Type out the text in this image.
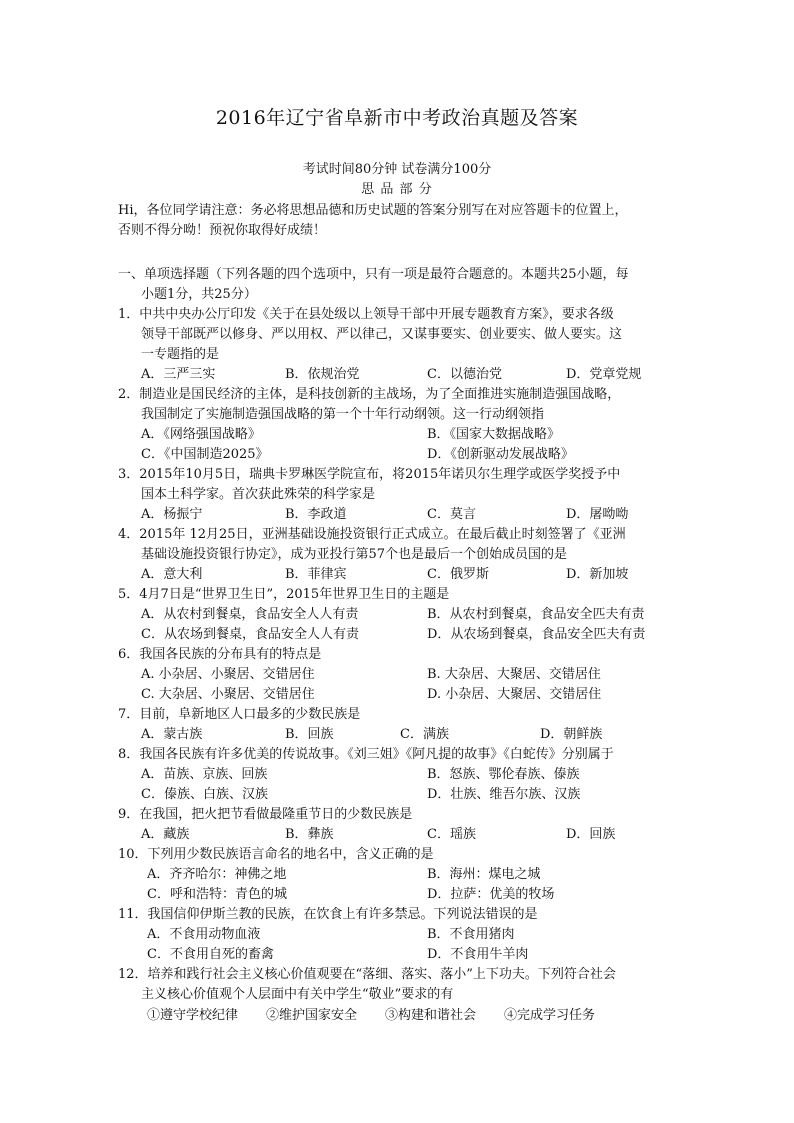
2016年辽宁省阜新市中考政治真题及答案
考试时间80分钟 试卷满分100分
思 品 部 分
Hi，各位同学请注意：务必将思想品德和历史试题的答案分别写在对应答题卡的位置上，
否则不得分呦！预祝你取得好成绩！
一、单项选择题（下列各题的四个选项中，只有一项是最符合题意的。本题共25小题，每
小题1分，共25分）
1．中共中央办公厅印发《关于在县处级以上领导干部中开展专题教育方案》，要求各级
领导干部既严以修身、严以用权、严以律己，又谋事要实、创业要实、做人要实。这
一专题指的是
A．三严三实	B．依规治党	C．以德治党	D．党章党规
2．制造业是国民经济的主体，是科技创新的主战场，为了全面推进实施制造强国战略，
我国制定了实施制造强国战略的第一个十年行动纲领。这一行动纲领指
A．《网络强国战略》	B．《国家大数据战略》
C．《中国制造2025》	D．《创新驱动发展战略》
3．2015年10月5日，瑞典卡罗琳医学院宣布，将2015年诺贝尔生理学或医学奖授予中
国本土科学家。首次获此殊荣的科学家是
A．杨振宁	B．李政道	C．莫言	D．屠呦呦
4．2015年 12月25日，亚洲基础设施投资银行正式成立。在最后截止时刻签署了《亚洲
基础设施投资银行协定》，成为亚投行第57个也是最后一个创始成员国的是
A．意大利	B．菲律宾	C．俄罗斯	D．新加坡
5．4月7日是“世界卫生日”，2015年世界卫生日的主题是
A．从农村到餐桌，食品安全人人有责	B．从农村到餐桌，食品安全匹夫有责
C．从农场到餐桌，食品安全人人有责	D．从农场到餐桌，食品安全匹夫有责
6．我国各民族的分布具有的特点是
A. 小杂居、小聚居、交错居住	B. 大杂居、大聚居、交错居住
C. 大杂居、小聚居、交错居住	D. 小杂居、大聚居、交错居住
7．目前，阜新地区人口最多的少数民族是
A．蒙古族	B．回族	C．满族	D．朝鲜族
8．我国各民族有许多优美的传说故事。《刘三姐》《阿凡提的故事》《白蛇传》分别属于
A．苗族、京族、回族	B．怒族、鄂伦春族、傣族
C．傣族、白族、汉族	D．壮族、维吾尔族、汉族
9．在我国，把火把节看做最隆重节日的少数民族是
A．藏族	B．彝族	C．瑶族	D．回族
10．下列用少数民族语言命名的地名中，含义正确的是
A．齐齐哈尔：神佛之地	B．海州：煤电之城
C．呼和浩特：青色的城	D．拉萨：优美的牧场
11．我国信仰伊斯兰教的民族，在饮食上有许多禁忌。下列说法错误的是
A．不食用动物血液	B．不食用猪肉
C．不食用自死的畜禽	D．不食用牛羊肉
12．培养和践行社会主义核心价值观要在“落细、落实、落小”上下功夫。下列符合社会
主义核心价值观个人层面中有关中学生“敬业”要求的有
①遵守学校纪律 ②维护国家安全 ③构建和谐社会 ④完成学习任务
